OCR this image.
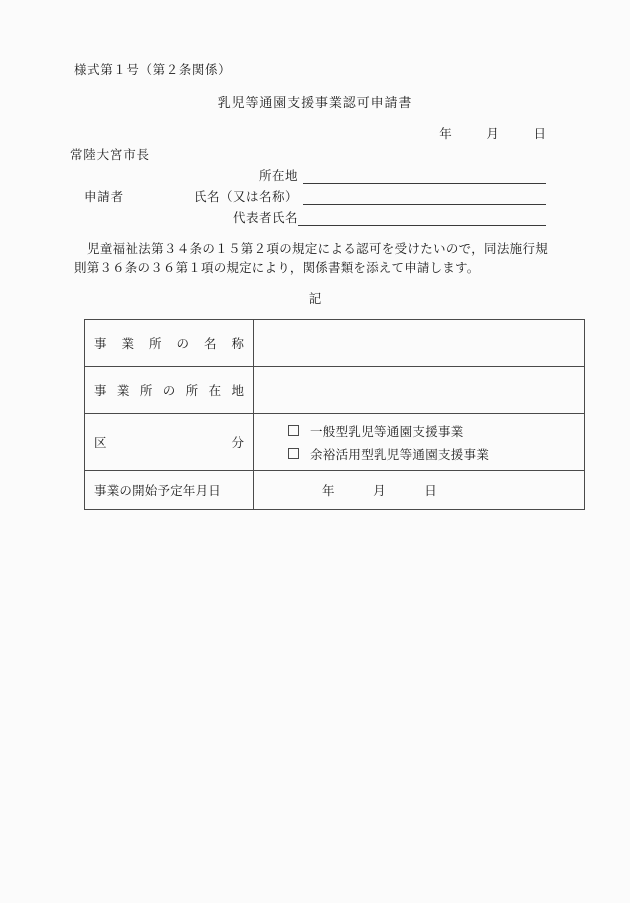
様式第１号（第２条関係）
乳児等通園支援事業認可申請書
年	月	日
常陸大宮市長
所在地
申請者	氏名（又は名称）
代表者氏名
児童福祉法第３４条の１５第２項の規定による認可を受けたいので，同法施行規則第３６条の３６第１項の規定により，関係書類を添えて申請します。
記
事業所の名称	

事業所の所在地	

区分	一般型乳児等通園支援事業
余裕活用型乳児等通園支援事業

事業の開始予定年月日	年 月 日
